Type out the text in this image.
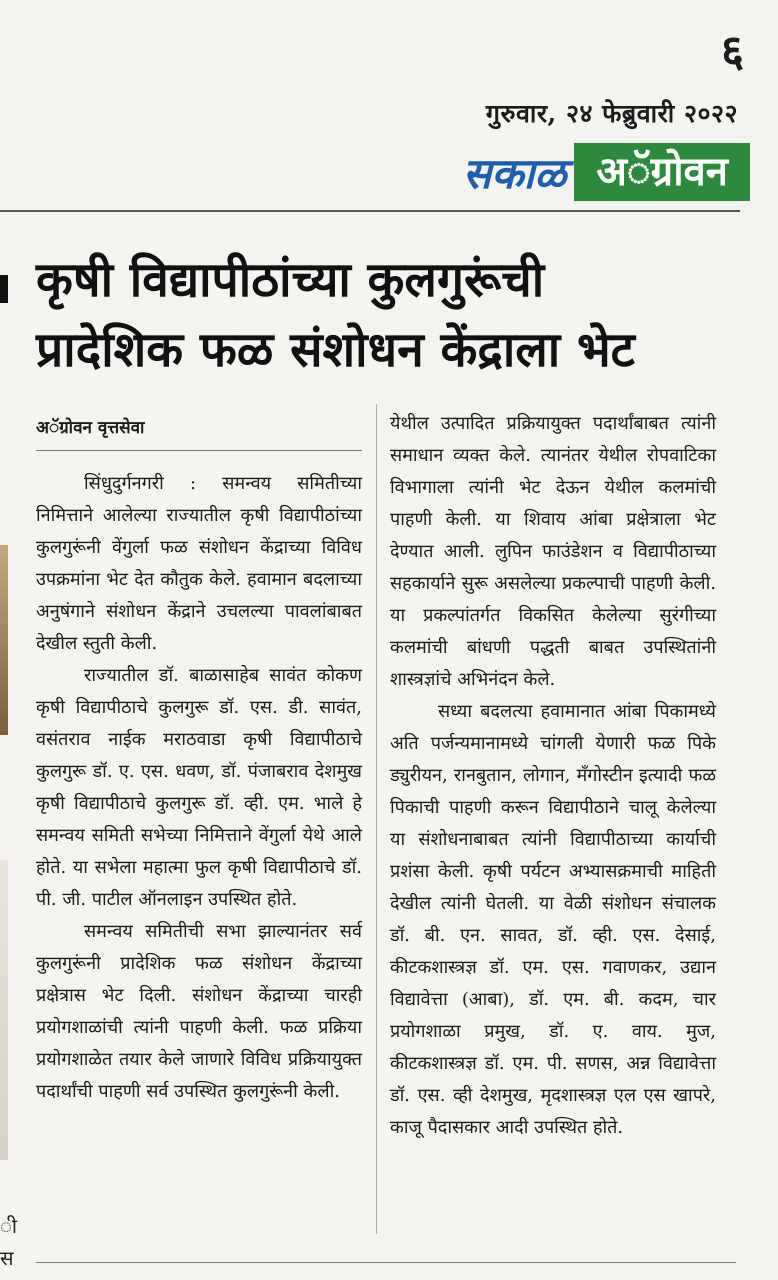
६
गुरुवार, २४ फेब्रुवारी २०२२
सकाळ अॅग्रोवन
ी
स
कृषी विद्यापीठांच्या कुलगुरूंची
प्रादेशिक फळ संशोधन केंद्राला भेट
अॅग्रोवन वृत्तसेवा

सिंधुदुर्गनगरी : समन्वय समितीच्या निमित्ताने आलेल्या राज्यातील कृषी विद्यापीठांच्या कुलगुरूंनी वेंगुर्ला फळ संशोधन केंद्राच्या विविध उपक्रमांना भेट देत कौतुक केले. हवामान बदलाच्या अनुषंगाने संशोधन केंद्राने उचलल्या पावलांबाबत देखील स्तुती केली.

राज्यातील डॉ. बाळासाहेब सावंत कोकण कृषी विद्यापीठाचे कुलगुरू डॉ. एस. डी. सावंत, वसंतराव नाईक मराठवाडा कृषी विद्यापीठाचे कुलगुरू डॉ. ए. एस. धवण, डॉ. पंजाबराव देशमुख कृषी विद्यापीठाचे कुलगुरू डॉ. व्ही. एम. भाले हे समन्वय समिती सभेच्या निमित्ताने वेंगुर्ला येथे आले होते. या सभेला महात्मा फुल कृषी विद्यापीठाचे डॉ. पी. जी. पाटील ऑनलाइन उपस्थित होते.

समन्वय समितीची सभा झाल्यानंतर सर्व कुलगुरूंनी प्रादेशिक फळ संशोधन केंद्राच्या प्रक्षेत्रास भेट दिली. संशोधन केंद्राच्या चारही प्रयोगशाळांची त्यांनी पाहणी केली. फळ प्रक्रिया प्रयोगशाळेत तयार केले जाणारे विविध प्रक्रियायुक्त पदार्थांची पाहणी सर्व उपस्थित कुलगुरूंनी केली.

येथील उत्पादित प्रक्रियायुक्त पदार्थांबाबत त्यांनी समाधान व्यक्त केले. त्यानंतर येथील रोपवाटिका विभागाला त्यांनी भेट देऊन येथील कलमांची पाहणी केली. या शिवाय आंबा प्रक्षेत्राला भेट देण्यात आली. लुपिन फाउंडेशन व विद्यापीठाच्या सहकार्याने सुरू असलेल्या प्रकल्पाची पाहणी केली. या प्रकल्पांतर्गत विकसित केलेल्या सुरंगीच्या कलमांची बांधणी पद्धती बाबत उपस्थितांनी शास्त्रज्ञांचे अभिनंदन केले.

सध्या बदलत्या हवामानात आंबा पिकामध्ये अति पर्जन्यमानामध्ये चांगली येणारी फळ पिके ड्युरीयन, रानबुतान, लोगान, मँगोस्टीन इत्यादी फळ पिकाची पाहणी करून विद्यापीठाने चालू केलेल्या या संशोधनाबाबत त्यांनी विद्यापीठाच्या कार्याची प्रशंसा केली. कृषी पर्यटन अभ्यासक्रमाची माहिती देखील त्यांनी घेतली. या वेळी संशोधन संचालक डॉ. बी. एन. सावत, डॉ. व्ही. एस. देसाई, कीटकशास्त्रज्ञ डॉ. एम. एस. गवाणकर, उद्यान विद्यावेत्ता (आबा), डॉ. एम. बी. कदम, चार प्रयोगशाळा प्रमुख, डॉ. ए. वाय. मुज, कीटकशास्त्रज्ञ डॉ. एम. पी. सणस, अन्न विद्यावेत्ता डॉ. एस. व्ही देशमुख, मृदशास्त्रज्ञ एल एस खापरे, काजू पैदासकार आदी उपस्थित होते.
